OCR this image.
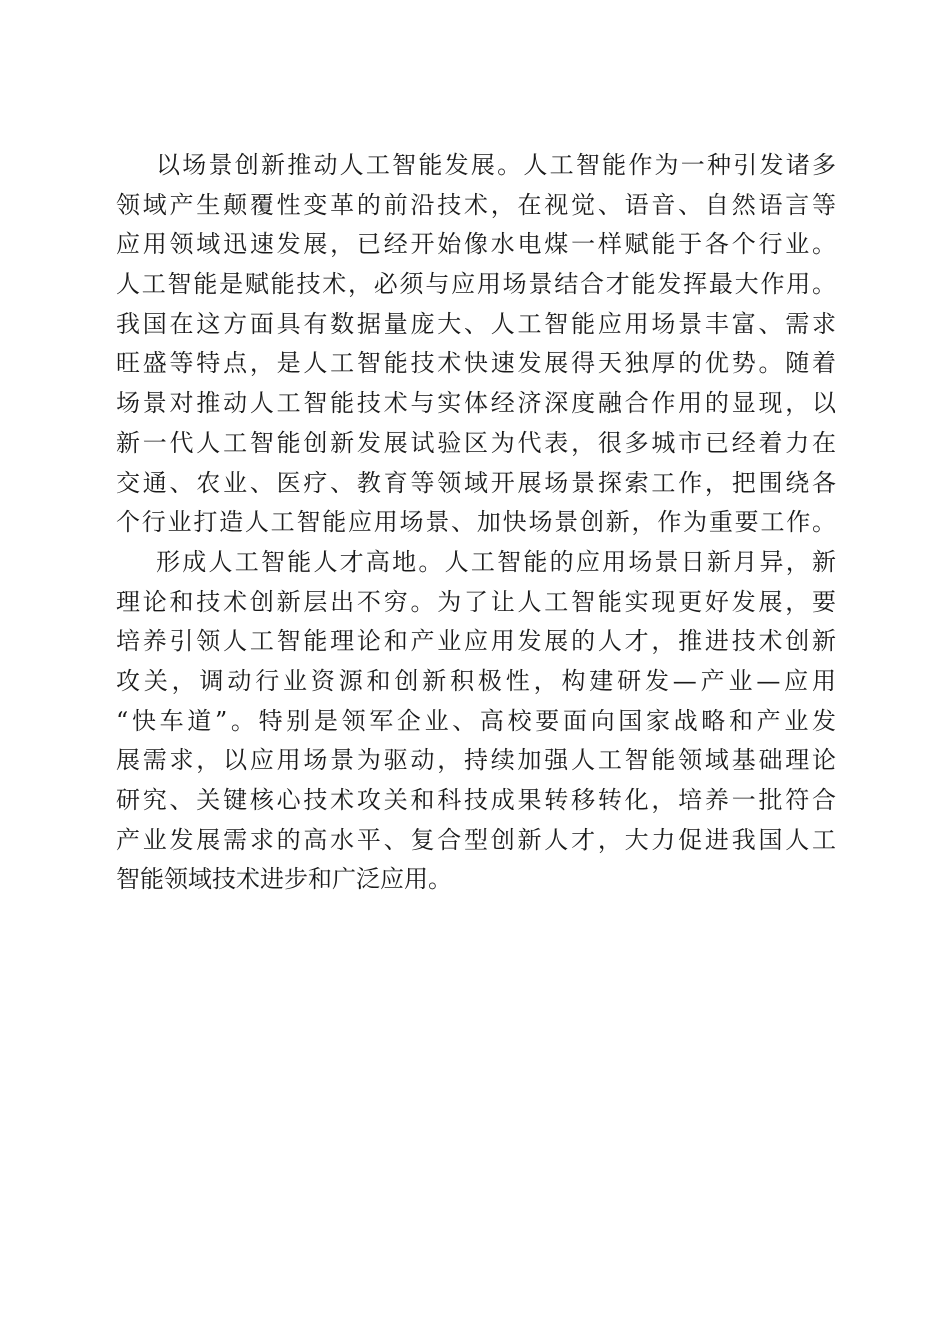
以场景创新推动人工智能发展。人工智能作为一种引发诸多
领域产生颠覆性变革的前沿技术，在视觉、语音、自然语言等
应用领域迅速发展，已经开始像水电煤一样赋能于各个行业。
人工智能是赋能技术，必须与应用场景结合才能发挥最大作用。
我国在这方面具有数据量庞大、人工智能应用场景丰富、需求
旺盛等特点，是人工智能技术快速发展得天独厚的优势。随着
场景对推动人工智能技术与实体经济深度融合作用的显现，以
新一代人工智能创新发展试验区为代表，很多城市已经着力在
交通、农业、医疗、教育等领域开展场景探索工作，把围绕各
个行业打造人工智能应用场景、加快场景创新，作为重要工作。
形成人工智能人才高地。人工智能的应用场景日新月异，新
理论和技术创新层出不穷。为了让人工智能实现更好发展，要
培养引领人工智能理论和产业应用发展的人才，推进技术创新
攻关，调动行业资源和创新积极性，构建研发—产业—应用
“快车道”。特别是领军企业、高校要面向国家战略和产业发
展需求，以应用场景为驱动，持续加强人工智能领域基础理论
研究、关键核心技术攻关和科技成果转移转化，培养一批符合
产业发展需求的高水平、复合型创新人才，大力促进我国人工
智能领域技术进步和广泛应用。
